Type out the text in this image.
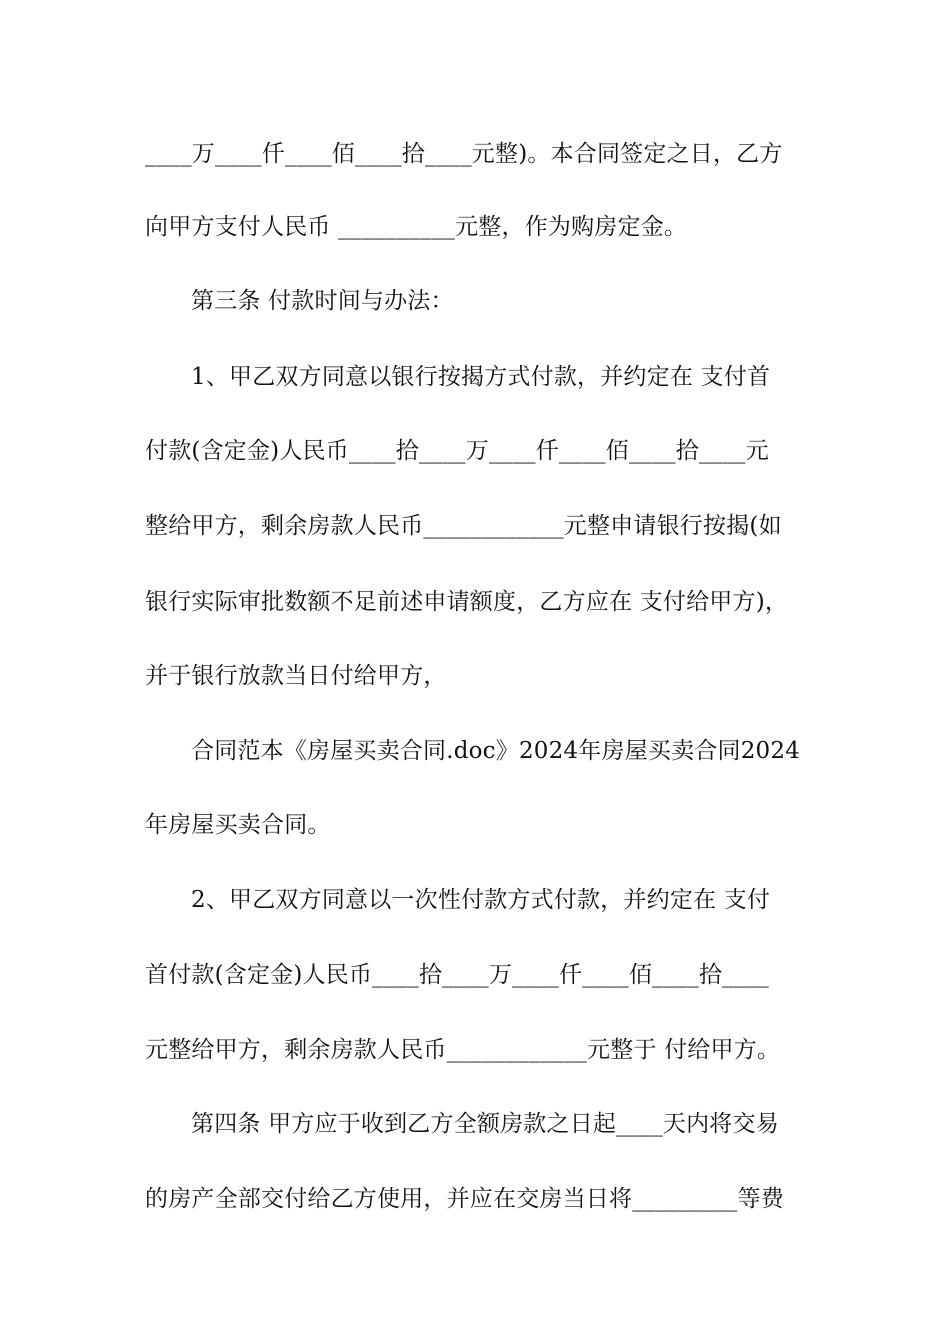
____万____仟____佰____拾____元整)。本合同签定之日，乙方
向甲方支付人民币 __________元整，作为购房定金。
第三条 付款时间与办法：
1、甲乙双方同意以银行按揭方式付款，并约定在 支付首
付款(含定金)人民币____拾____万____仟____佰____拾____元
整给甲方，剩余房款人民币____________元整申请银行按揭(如
银行实际审批数额不足前述申请额度，乙方应在 支付给甲方)，
并于银行放款当日付给甲方，
合同范本《房屋买卖合同.doc》2024年房屋买卖合同2024
年房屋买卖合同。
2、甲乙双方同意以一次性付款方式付款，并约定在 支付
首付款(含定金)人民币____拾____万____仟____佰____拾____
元整给甲方，剩余房款人民币____________元整于 付给甲方。
第四条 甲方应于收到乙方全额房款之日起____天内将交易
的房产全部交付给乙方使用，并应在交房当日将_________等费
